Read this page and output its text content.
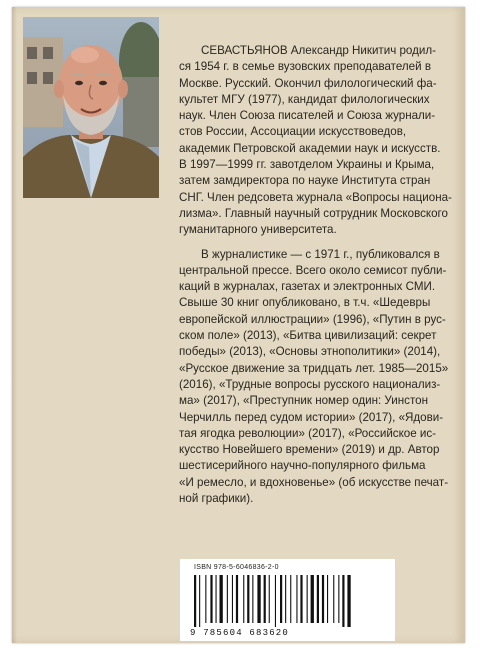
СЕВАСТЬЯНОВ Александр Никитич родил-
ся 1954 г. в семье вузовских преподавателей в
Москве. Русский. Окончил филологический фа-
культет МГУ (1977), кандидат филологических
наук. Член Союза писателей и Союза журнали-
стов России, Ассоциации искусствоведов,
академик Петровской академии наук и искусств.
В 1997—1999 гг. завотделом Украины и Крыма,
затем замдиректора по науке Института стран
СНГ. Член редсовета журнала «Вопросы национа-
лизма». Главный научный сотрудник Московского
гуманитарного университета.
В журналистике — с 1971 г., публиковался в
центральной прессе. Всего около семисот публи-
каций в журналах, газетах и электронных СМИ.
Свыше 30 книг опубликовано, в т.ч. «Шедевры
европейской иллюстрации» (1996), «Путин в рус-
ском поле» (2013), «Битва цивилизаций: секрет
победы» (2013), «Основы этнополитики» (2014),
«Русское движение за тридцать лет. 1985—2015»
(2016), «Трудные вопросы русского национализ-
ма» (2017), «Преступник номер один: Уинстон
Черчилль перед судом истории» (2017), «Ядови-
тая ягодка революции» (2017), «Российское ис-
кусство Новейшего времени» (2019) и др. Автор
шестисерийного научно-популярного фильма
«И ремесло, и вдохновенье» (об искусстве печат-
ной графики).
ISBN 978-5-6046836-2-0
9 785604 683620
